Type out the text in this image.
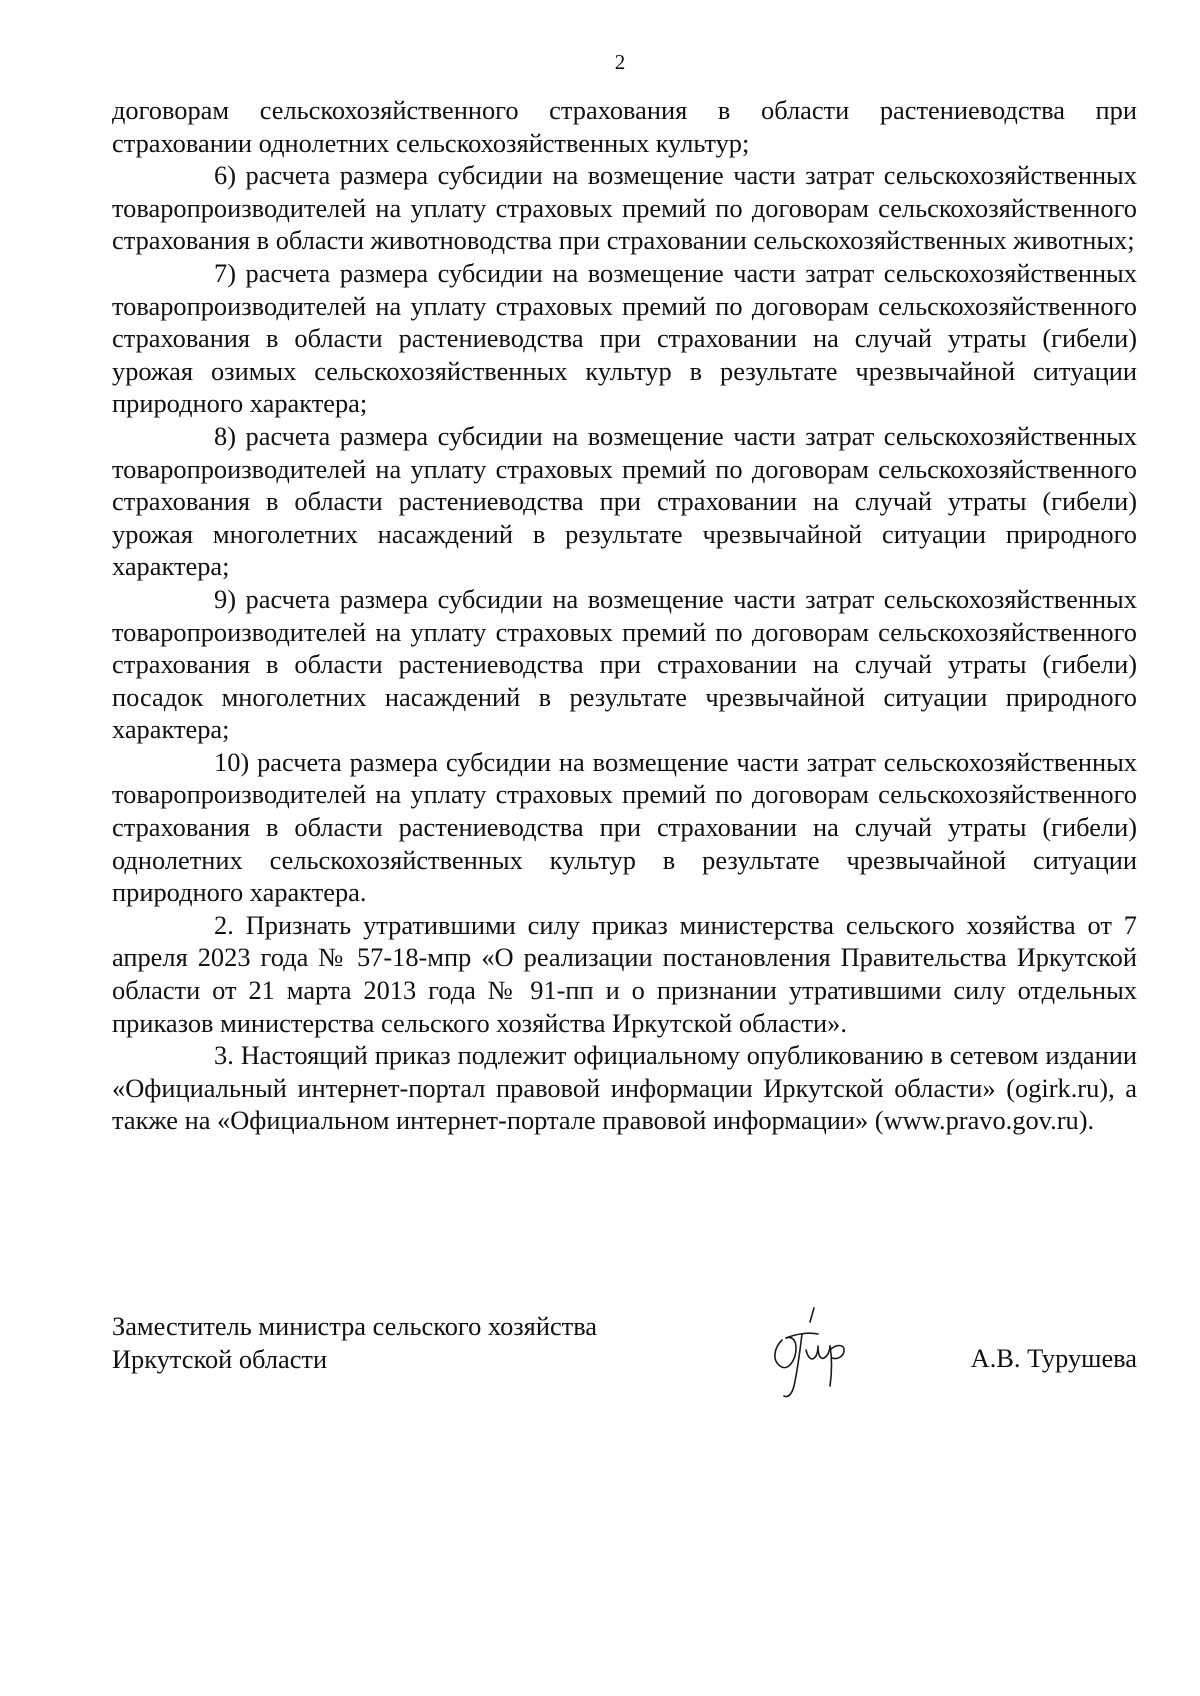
2

договорам сельскохозяйственного страхования в области растениеводства при страховании однолетних сельскохозяйственных культур;

6) расчета размера субсидии на возмещение части затрат сельскохозяйственных товаропроизводителей на уплату страховых премий по договорам сельскохозяйственного страхования в области животноводства при страховании сельскохозяйственных животных;

7) расчета размера субсидии на возмещение части затрат сельскохозяйственных товаропроизводителей на уплату страховых премий по договорам сельскохозяйственного страхования в области растениеводства при страховании на случай утраты (гибели) урожая озимых сельскохозяйственных культур в результате чрезвычайной ситуации природного характера;

8) расчета размера субсидии на возмещение части затрат сельскохозяйственных товаропроизводителей на уплату страховых премий по договорам сельскохозяйственного страхования в области растениеводства при страховании на случай утраты (гибели) урожая многолетних насаждений в результате чрезвычайной ситуации природного характера;

9) расчета размера субсидии на возмещение части затрат сельскохозяйственных товаропроизводителей на уплату страховых премий по договорам сельскохозяйственного страхования в области растениеводства при страховании на случай утраты (гибели) посадок многолетних насаждений в результате чрезвычайной ситуации природного характера;

10) расчета размера субсидии на возмещение части затрат сельскохозяйственных товаропроизводителей на уплату страховых премий по договорам сельскохозяйственного страхования в области растениеводства при страховании на случай утраты (гибели) однолетних сельскохозяйственных культур в результате чрезвычайной ситуации природного характера.

2. Признать утратившими силу приказ министерства сельского хозяйства от 7 апреля 2023 года № 57-18-мпр «О реализации постановления Правительства Иркутской области от 21 марта 2013 года № 91-пп и о признании утратившими силу отдельных приказов министерства сельского хозяйства Иркутской области».

3. Настоящий приказ подлежит официальному опубликованию в сетевом издании «Официальный интернет-портал правовой информации Иркутской области» (ogirk.ru), а также на «Официальном интернет-портале правовой информации» (www.pravo.gov.ru).

Заместитель министра сельского хозяйства
Иркутской области	А.В. Турушева
